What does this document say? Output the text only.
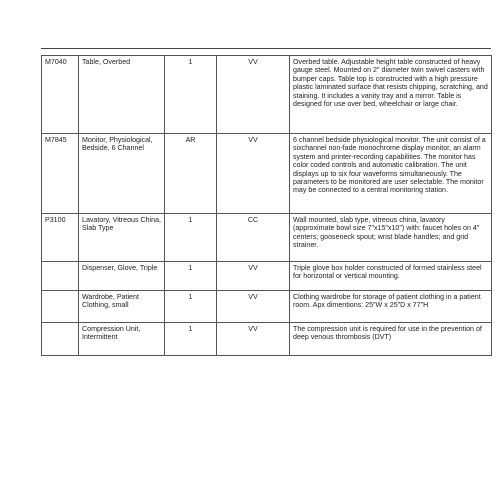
M7040	Table, Overbed	1	VV	Overbed table. Adjustable height table constructed of heavy gauge steel. Mounted on 2" diameter twin swivel casters with bumper caps. Table top is constructed with a high pressure plastic laminated surface that resists chipping, scratching, and staining. It includes a vanity tray and a mirror. Table is designed for use over bed, wheelchair or large chair.
M7845	Monitor, Physiological, Bedside, 6 Channel	AR	VV	6 channel bedside physiological monitor. The unit consist of a sixchannel non-fade monochrome display monitor, an alarm system and printer-recording capabilities. The monitor has color coded controls and automatic calibration. The unit displays up to six four waveforms simultaneously. The parameters to be monitored are user selectable. The monitor may be connected to a central monitoring station.
P3100	Lavatory, Vitreous China, Slab Type	1	CC	Wall mounted, slab type, vitreous china, lavatory (approximate bowl size 7"x15"x10") with: faucet holes on 4" centers; gooseneck spout; wrist blade handles; and grid strainer.
	Dispenser, Glove, Triple	1	VV	Triple glove box holder constructed of formed stainless steel for horizontal or vertical mounting.
	Wardrobe, Patient Clothing, small	1	VV	Clothing wardrobe for storage of patient clothing in a patient room. Apx dimentions: 25"W x 25"D x 77"H
	Compression Unit, Intermittent	1	VV	The compression unit is required for use in the prevention of deep venous thrombosis (DVT)
